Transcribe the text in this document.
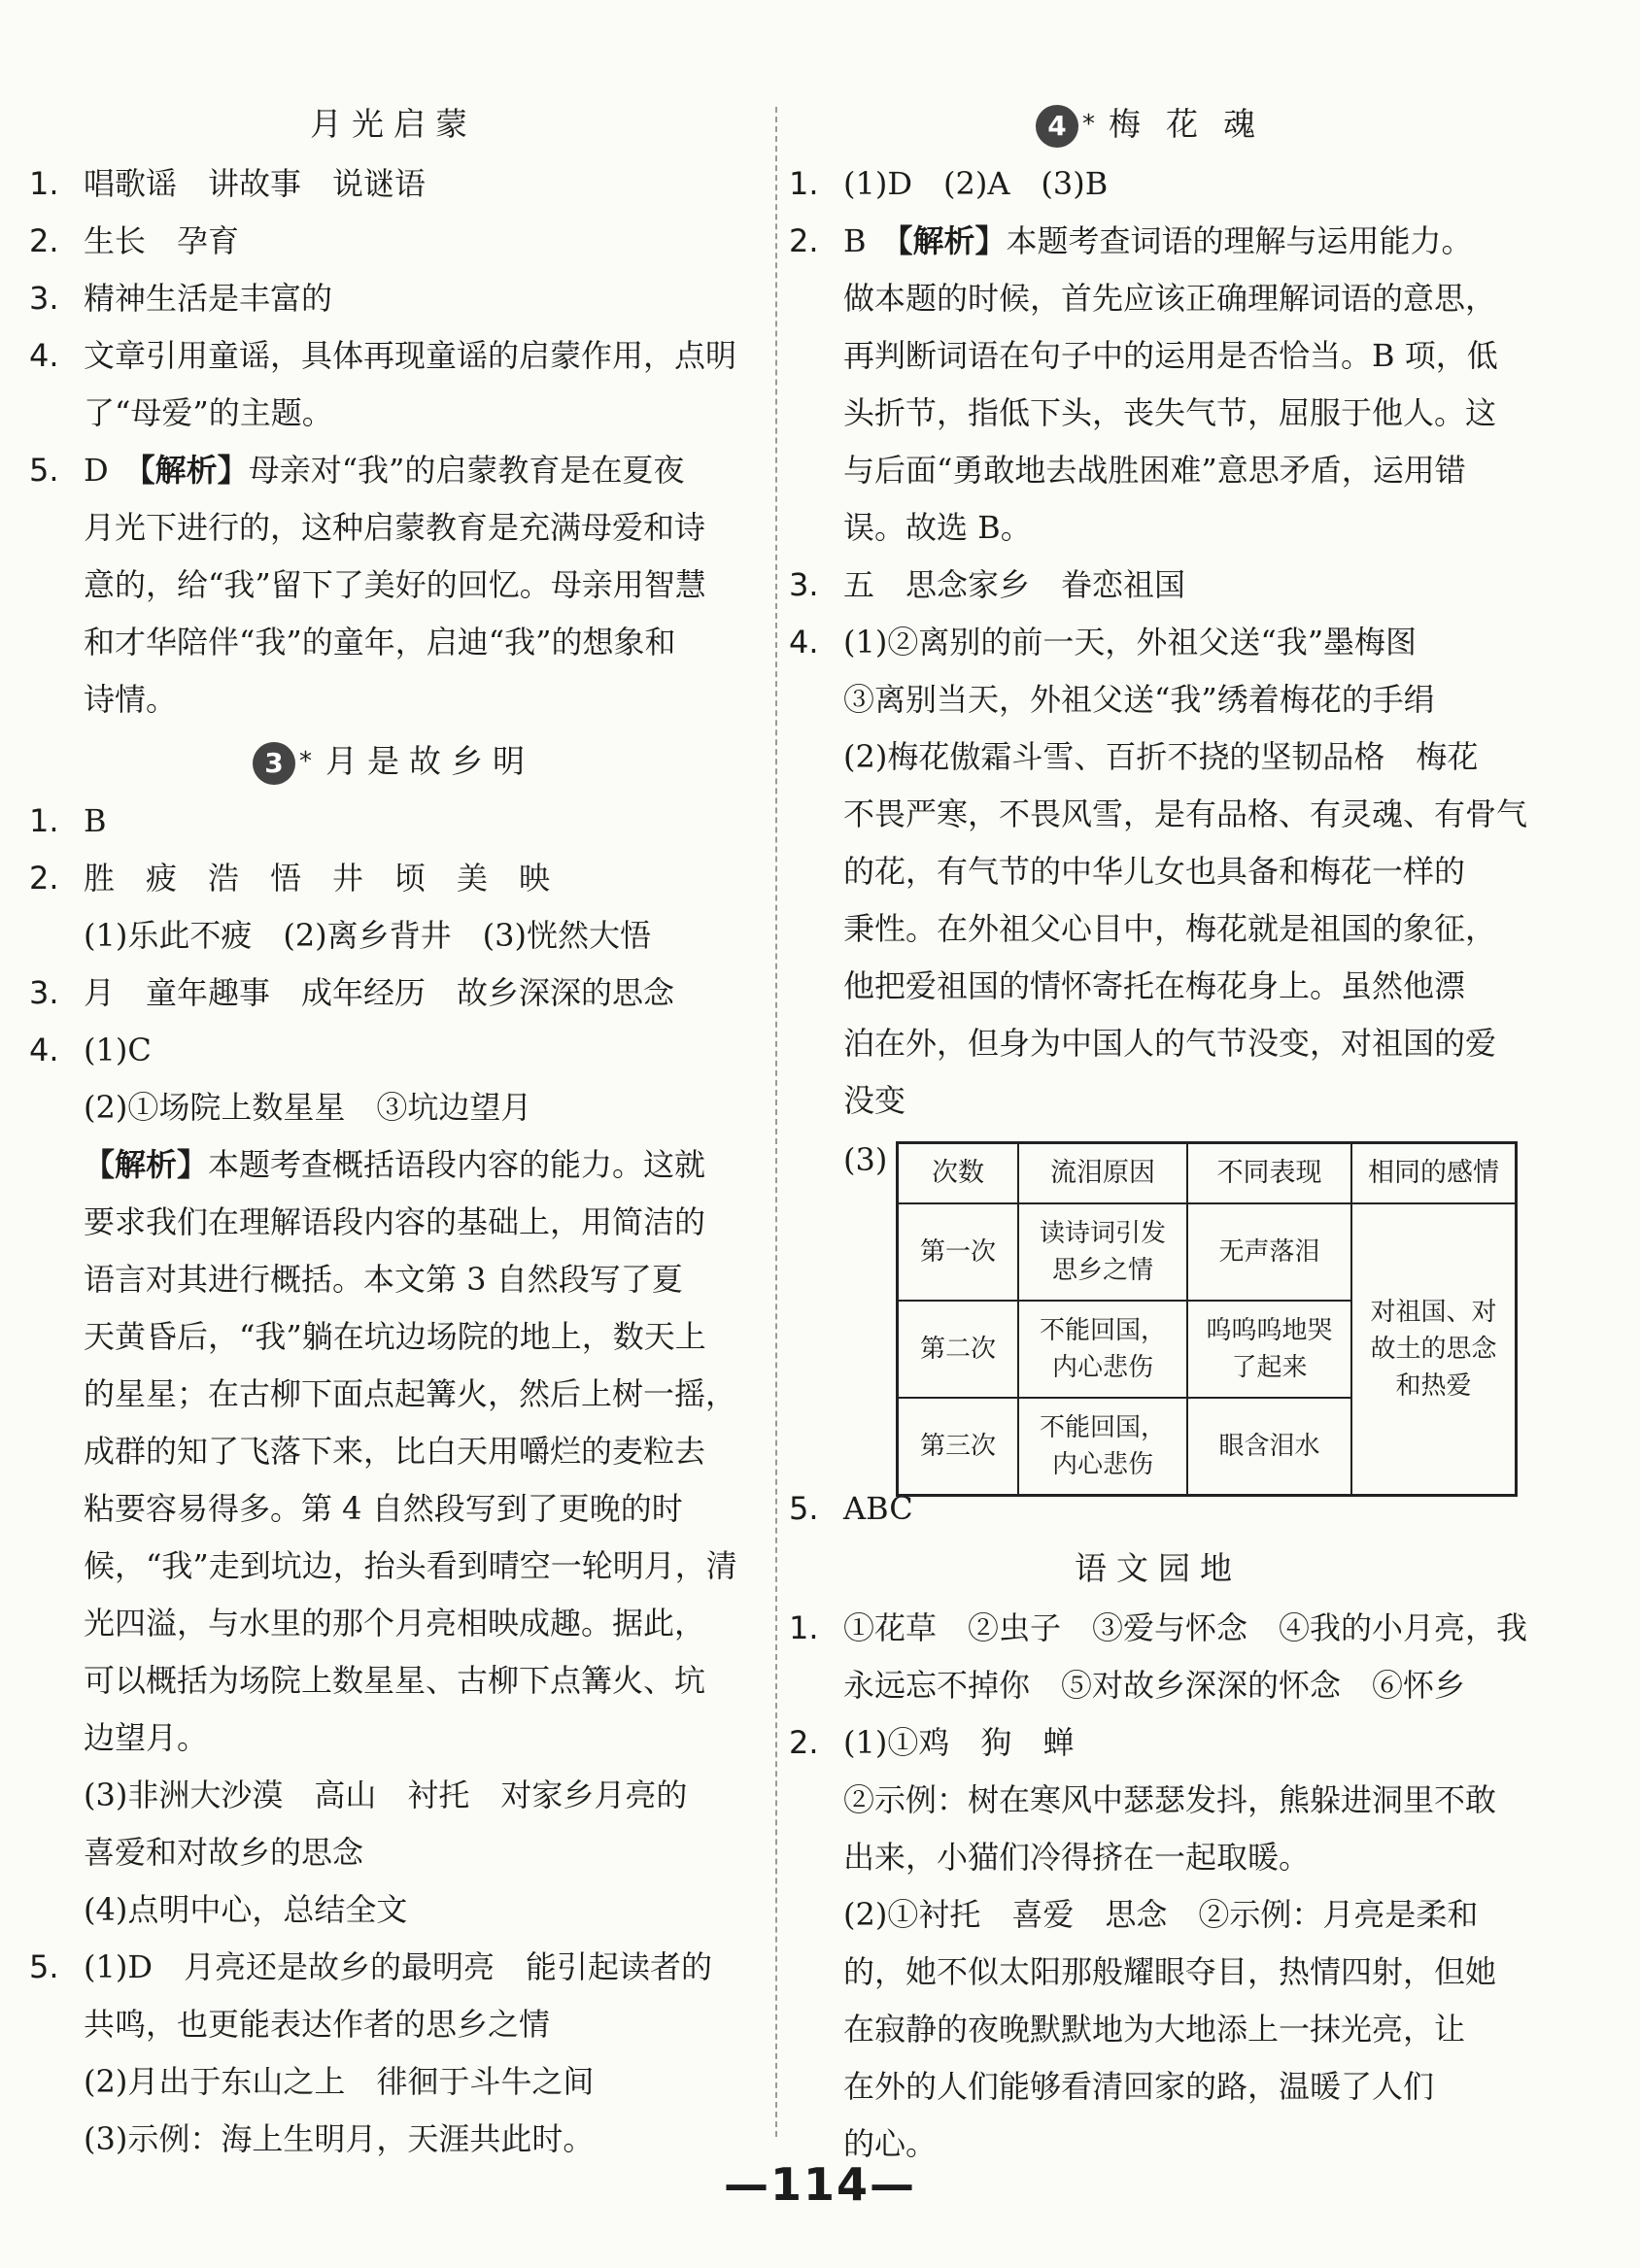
月光启蒙
1. 唱歌谣　讲故事　说谜语
2. 生长　孕育
3. 精神生活是丰富的
4. 文章引用童谣，具体再现童谣的启蒙作用，点明
了“母爱”的主题。
5. D　【解析】母亲对“我”的启蒙教育是在夏夜
月光下进行的，这种启蒙教育是充满母爱和诗
意的，给“我”留下了美好的回忆。母亲用智慧
和才华陪伴“我”的童年，启迪“我”的想象和
诗情。
3 * 月是故乡明
1. B
2. 胜　疲　浩　悟　井　顷　美　映
(1)乐此不疲　(2)离乡背井　(3)恍然大悟
3. 月　童年趣事　成年经历　故乡深深的思念
4. (1)C
(2)①场院上数星星　③坑边望月
【解析】本题考查概括语段内容的能力。这就
要求我们在理解语段内容的基础上，用简洁的
语言对其进行概括。本文第 3 自然段写了夏
天黄昏后，“我”躺在坑边场院的地上，数天上
的星星；在古柳下面点起篝火，然后上树一摇，
成群的知了飞落下来，比白天用嚼烂的麦粒去
粘要容易得多。第 4 自然段写到了更晚的时
候，“我”走到坑边，抬头看到晴空一轮明月，清
光四溢，与水里的那个月亮相映成趣。据此，
可以概括为场院上数星星、古柳下点篝火、坑
边望月。
(3)非洲大沙漠　高山　衬托　对家乡月亮的
喜爱和对故乡的思念
(4)点明中心，总结全文
5. (1)D　月亮还是故乡的最明亮　能引起读者的
共鸣，也更能表达作者的思乡之情
(2)月出于东山之上　徘徊于斗牛之间
(3)示例：海上生明月，天涯共此时。
4 * 梅花魂
1. (1)D　(2)A　(3)B
2. B　【解析】本题考查词语的理解与运用能力。
做本题的时候，首先应该正确理解词语的意思，
再判断词语在句子中的运用是否恰当。B 项，低
头折节，指低下头，丧失气节，屈服于他人。这
与后面“勇敢地去战胜困难”意思矛盾，运用错
误。故选 B。
3. 五　思念家乡　眷恋祖国
4. (1)②离别的前一天，外祖父送“我”墨梅图
③离别当天，外祖父送“我”绣着梅花的手绢
(2)梅花傲霜斗雪、百折不挠的坚韧品格　梅花
不畏严寒，不畏风雪，是有品格、有灵魂、有骨气
的花，有气节的中华儿女也具备和梅花一样的
秉性。在外祖父心目中，梅花就是祖国的象征，
他把爱祖国的情怀寄托在梅花身上。虽然他漂
泊在外，但身为中国人的气节没变，对祖国的爱
没变
(3) 次数	流泪原因	不同表现	相同的感情
第一次	读诗词引发思乡之情	无声落泪	对祖国、对故土的思念和热爱
第二次	不能回国，内心悲伤	呜呜呜地哭了起来	
第三次	不能回国，内心悲伤	眼含泪水	
5. ABC
语文园地
1. ①花草　②虫子　③爱与怀念　④我的小月亮，我
永远忘不掉你　⑤对故乡深深的怀念　⑥怀乡
2. (1)①鸡　狗　蝉
②示例：树在寒风中瑟瑟发抖，熊躲进洞里不敢
出来，小猫们冷得挤在一起取暖。
(2)①衬托　喜爱　思念　②示例：月亮是柔和
的，她不似太阳那般耀眼夺目，热情四射，但她
在寂静的夜晚默默地为大地添上一抹光亮，让
在外的人们能够看清回家的路，温暖了人们
的心。
—114—
